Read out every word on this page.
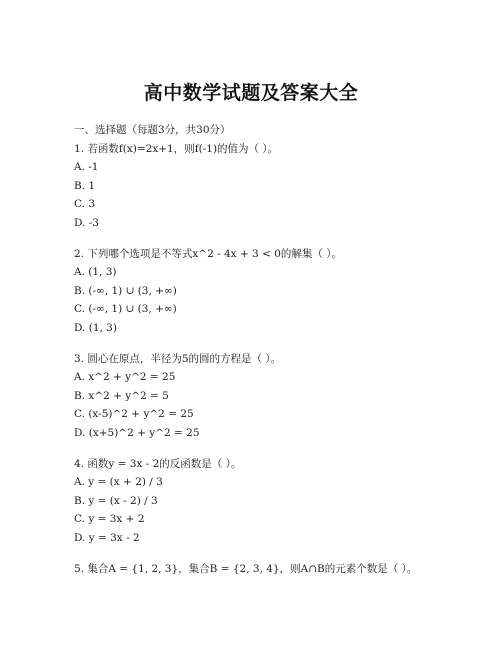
高中数学试题及答案大全
一、选择题（每题3分，共30分）
1. 若函数f(x)=2x+1，则f(-1)的值为（ ）。
A. -1
B. 1
C. 3
D. -3
2. 下列哪个选项是不等式x^2 - 4x + 3 < 0的解集（ ）。
A. (1, 3)
B. (-∞, 1) ∪ (3, +∞)
C. (-∞, 1) ∪ (3, +∞)
D. (1, 3)
3. 圆心在原点，半径为5的圆的方程是（ ）。
A. x^2 + y^2 = 25
B. x^2 + y^2 = 5
C. (x-5)^2 + y^2 = 25
D. (x+5)^2 + y^2 = 25
4. 函数y = 3x - 2的反函数是（ ）。
A. y = (x + 2) / 3
B. y = (x - 2) / 3
C. y = 3x + 2
D. y = 3x - 2
5. 集合A = {1, 2, 3}，集合B = {2, 3, 4}，则A∩B的元素个数是（ ）。
